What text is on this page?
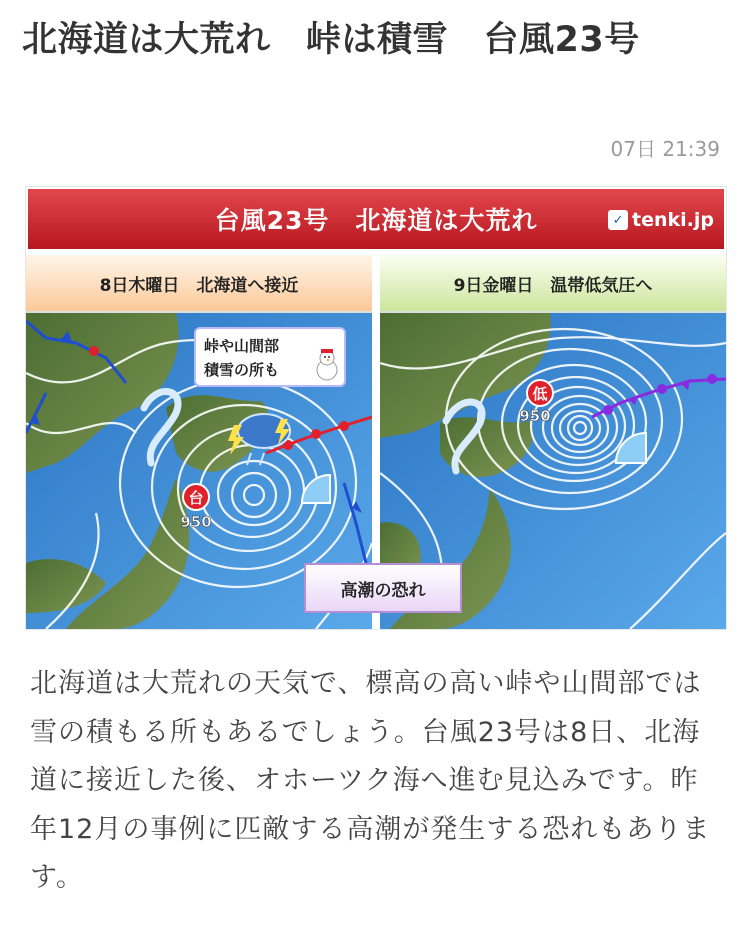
北海道は大荒れ　峠は積雪　台風23号
07日 21:39
台風23号　北海道は大荒れ	✓ tenki.jp
8日木曜日　北海道へ接近
台
950
峠や山間部
積雪の所も
9日金曜日　温帯低気圧へ
低
950
高潮の恐れ
北海道は大荒れの天気で、標高の高い峠や山間部では雪の積もる所もあるでしょう。台風23号は8日、北海道に接近した後、オホーツク海へ進む見込みです。昨年12月の事例に匹敵する高潮が発生する恐れもあります。
